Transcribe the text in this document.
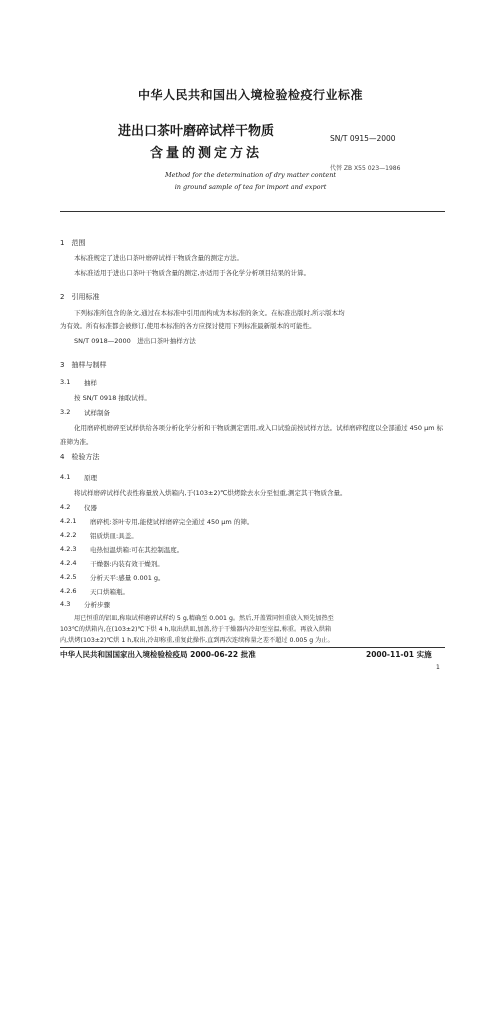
中华人民共和国出入境检验检疫行业标准
进出口茶叶磨碎试样干物质
含量的测定方法
SN/T 0915—2000
代替 ZB X55 023—1986
Method for the determination of dry matter content
in ground sample of tea for import and export
1　范围
本标准规定了进出口茶叶磨碎试样干物质含量的测定方法。
本标准适用于进出口茶叶干物质含量的测定,亦适用于各化学分析项目结果的计算。
2　引用标准
下列标准所包含的条文,通过在本标准中引用而构成为本标准的条文。在标准出版时,所示版本均
为有效。所有标准都会被修订,使用本标准的各方应探讨使用下列标准最新版本的可能性。
SN/T 0918—2000　进出口茶叶抽样方法
3　抽样与制样
3.1 抽样
按 SN/T 0918 抽取试样。
3.2 试样制备
化用磨碎机磨碎至试样供给各项分析化学分析和干物质测定需用,或入口试验前按试样方法。试样磨碎程度以全部通过 450 μm 标准筛为准。
4　检验方法
4.1 原理
将试样磨碎试样代表性称量放入烘箱内,于(103±2)℃烘烤除去水分至恒重,测定其干物质含量。
4.2 仪器
4.2.1 磨碎机:茶叶专用,能使试样磨碎完全通过 450 μm 的筛。
4.2.2 铝质烘皿:具盖。
4.2.3 电热恒温烘箱:可在其控制温度。
4.2.4 干燥器:内装有效干燥剂。
4.2.5 分析天平:感量 0.001 g。
4.2.6 天口烘箱瓶。
4.3 分析步骤
用已恒重的铝皿,称取试样磨碎试样约 5 g,精确至 0.001 g。然后,开盖置同恒重放入预先加热至
103℃的烘箱内,在(103±2)℃下烘 4 h,取出烘皿,加盖,待于干燥器内冷却至室温,称重。再放入烘箱
内,烘烤(103±2)℃烘 1 h,取出,冷却称重,重复此操作,直到再次连续称量之差不超过 0.005 g 为止。
中华人民共和国国家出入境检验检疫局 2000-06-22 批准	2000-11-01 实施
1
